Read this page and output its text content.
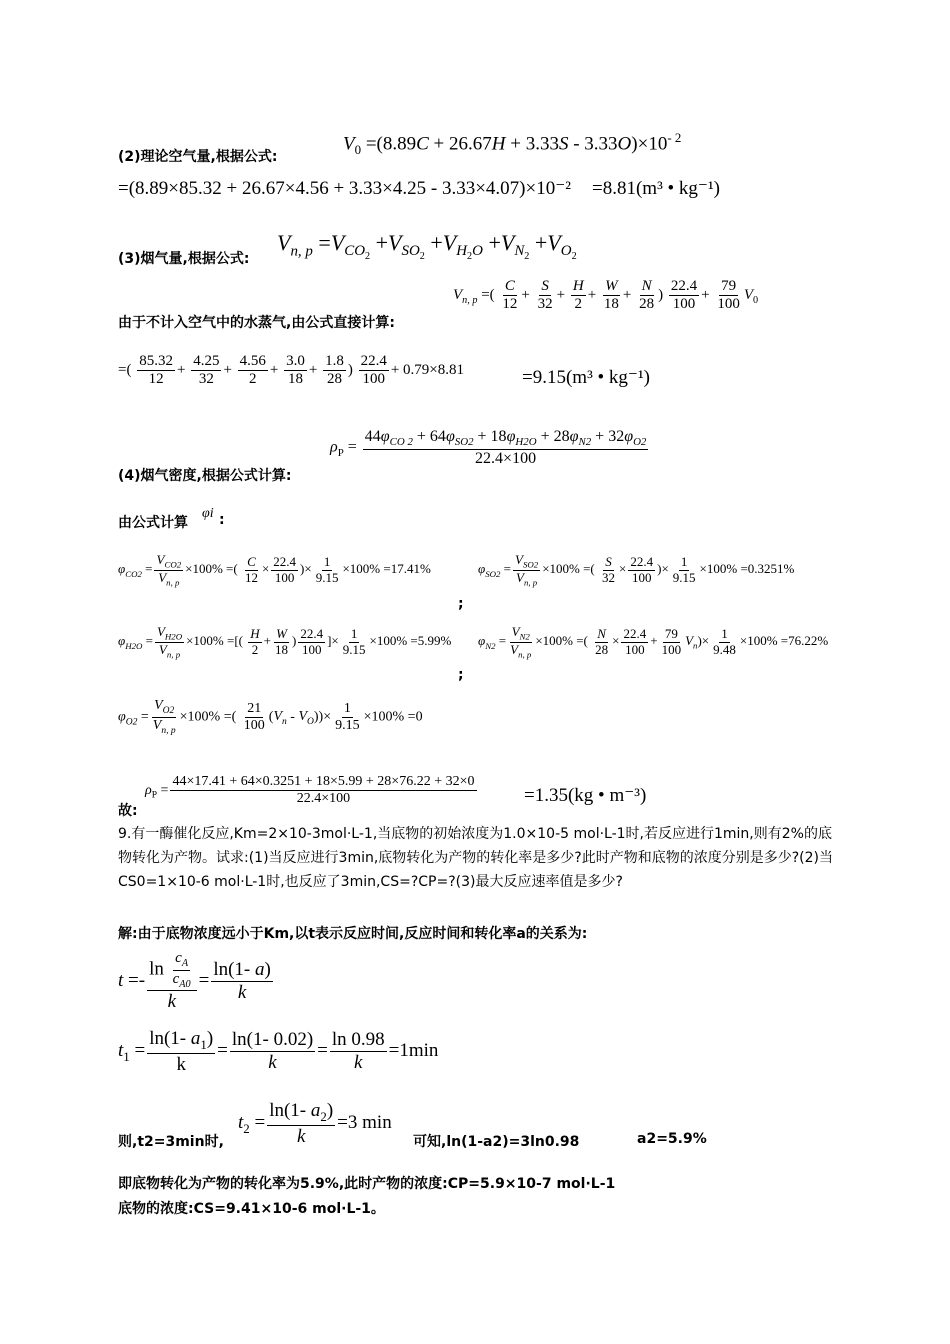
(2)理论空气量,根据公式:
$V_0 =(8.89C + 26.67H + 3.33S - 3.33O)\times 10^{- 2}$
=(8.89×85.32 + 26.67×4.56 + 3.33×4.25 - 3.33×4.07)×10⁻² =8.81(m³ • kg⁻¹)
(3)烟气量,根据公式:
$V_{n, p} =V_{CO_2} +V_{SO_2} +V_{H_2O} +V_{N_2} +V_{O_2}$
由于不计入空气中的水蒸气,由公式直接计算:
$V_{n, p}$ =( $\frac{C}{12} + \frac{S}{32} + \frac{H}{2} + \frac{W}{18} + \frac{N}{28}$ ) $\frac{22.4}{100} + \frac{79}{100} V_0$
=( $\frac{85.32}{12} + \frac{4.25}{32} + \frac{4.56}{2} + \frac{3.0}{18} + \frac{1.8}{28}$ ) $\frac{22.4}{100} + 0.79\times 8.81$	=9.15(m³ • kg⁻¹)
(4)烟气密度,根据公式计算:
$\rho_P = \frac{44\varphi_{CO 2} + 64\varphi_{SO2} + 18\varphi_{H2O} + 28\varphi_{N2} + 32\varphi_{O2}}{22.4\times 100}$
由公式计算
φi :
$\varphi_{CO2} = \frac{V_{CO2}}{V_{n, p}} \times 100\%$ =( $\frac{C}{12} \times \frac{22.4}{100}$ )× $\frac{1}{9.15} \times 100\% =17.41\%$
;
$\varphi_{SO2} = \frac{V_{SO2}}{V_{n, p}} \times 100\%$ =( $\frac{S}{32} \times \frac{22.4}{100}$ )× $\frac{1}{9.15} \times 100\% =0.3251\%$
$\varphi_{H2O} = \frac{V_{H2O}}{V_{n, p}} \times 100\%$ =[( $\frac{H}{2} + \frac{W}{18}$ ) $\frac{22.4}{100}$ ]× $\frac{1}{9.15} \times 100\% =5.99\%$
;
$\varphi_{N2} = \frac{V_{N2}}{V_{n, p}} \times 100\%$ =( $\frac{N}{28} \times \frac{22.4}{100} + \frac{79}{100} V_n)\times \frac{1}{9.48} \times 100\% =76.22\%$
$\varphi_{O2} = \frac{V_{O2}}{V_{n, p}} \times 100\%$ =( $\frac{21}{100} (V_n - V_O))\times \frac{1}{9.15} \times 100\% =0$
故:
$\rho_P = \frac{44\times 17.41 + 64\times 0.3251 + 18\times 5.99 + 28\times 76.22 + 32\times 0}{22.4\times 100}$	=1.35(kg • m⁻³)
9.有一酶催化反应,Km=2×10-3mol·L-1,当底物的初始浓度为1.0×10-5 mol·L-1时,若反应进行1min,则有2%的底物转化为产物。试求:(1)当反应进行3min,底物转化为产物的转化率是多少?此时产物和底物的浓度分别是多少?(2)当CS0=1×10-6 mol·L-1时,也反应了3min,CS=?CP=?(3)最大反应速率值是多少?
解:由于底物浓度远小于Km,以t表示反应时间,反应时间和转化率a的关系为:
$t =- \frac{\ln \frac{c_A}{c_{A0}}}{k} = \frac{\ln(1- a)}{k}$
$t_1 = \frac{\ln(1- a_1)}{k} = \frac{\ln(1- 0.02)}{k} = \frac{\ln 0.98}{k} =1\min$
则,t2=3min时,
$t_2 = \frac{\ln(1- a_2)}{k} =3$ min
可知,ln(1-a2)=3ln0.98	a2=5.9%
即底物转化为产物的转化率为5.9%,此时产物的浓度:CP=5.9×10-7 mol·L-1
底物的浓度:CS=9.41×10-6 mol·L-1。
